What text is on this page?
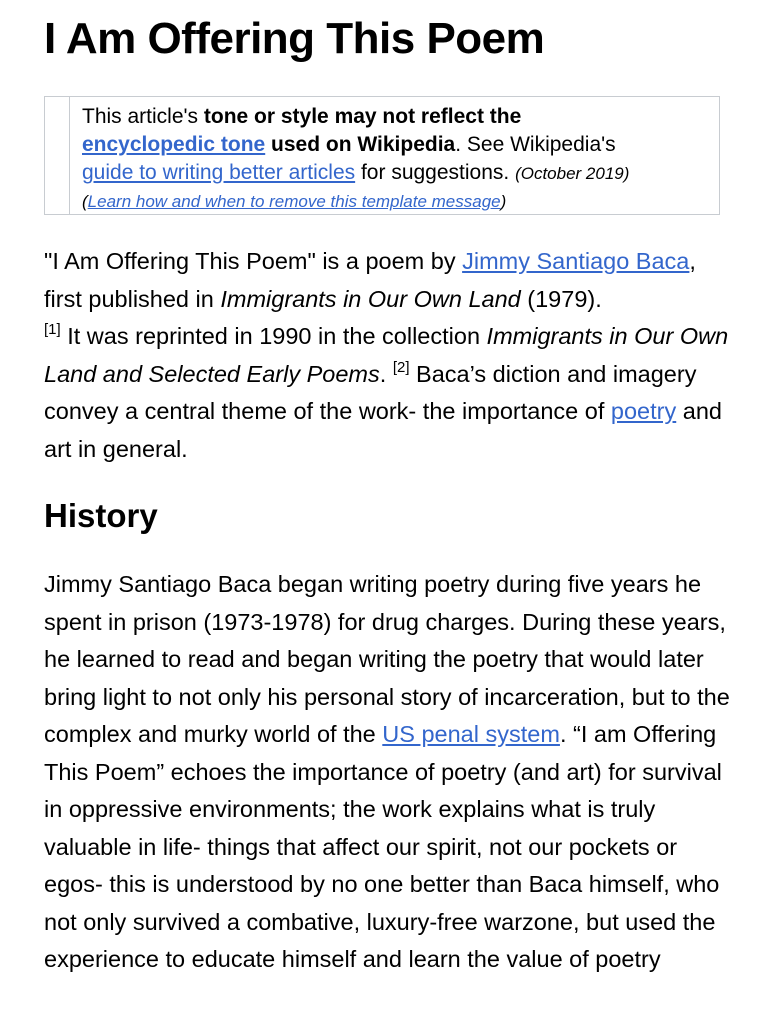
I Am Offering This Poem
This article's tone or style may not reflect the
encyclopedic tone used on Wikipedia. See Wikipedia's
guide to writing better articles for suggestions. (October 2019)
(Learn how and when to remove this template message)
"I Am Offering This Poem" is a poem by Jimmy Santiago Baca, first published in Immigrants in Our Own Land (1979).
[1] It was reprinted in 1990 in the collection Immigrants in Our Own Land and Selected Early Poems. [2] Baca’s diction and imagery convey a central theme of the work- the importance of poetry and art in general.
History
Jimmy Santiago Baca began writing poetry during five years he spent in prison (1973-1978) for drug charges. During these years, he learned to read and began writing the poetry that would later bring light to not only his personal story of incarceration, but to the complex and murky world of the US penal system. “I am Offering This Poem” echoes the importance of poetry (and art) for survival in oppressive environments; the work explains what is truly valuable in life- things that affect our spirit, not our pockets or egos- this is understood by no one better than Baca himself, who not only survived a combative, luxury-free warzone, but used the experience to educate himself and learn the value of poetry
